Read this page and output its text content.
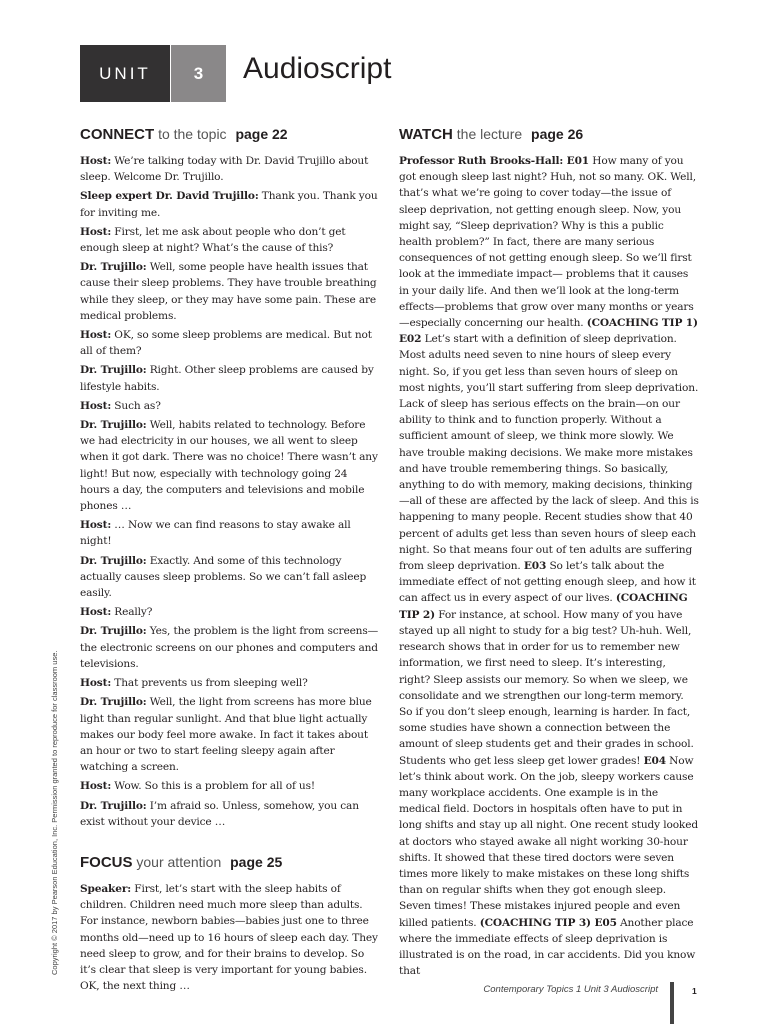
UNIT	3	Audioscript
CONNECT to the topic page 22

Host: We’re talking today with Dr. David Trujillo about sleep. Welcome Dr. Trujillo.

Sleep expert Dr. David Trujillo: Thank you. Thank you for inviting me.

Host: First, let me ask about people who don’t get enough sleep at night? What’s the cause of this?

Dr. Trujillo: Well, some people have health issues that cause their sleep problems. They have trouble breathing while they sleep, or they may have some pain. These are medical problems.

Host: OK, so some sleep problems are medical. But not all of them?

Dr. Trujillo: Right. Other sleep problems are caused by lifestyle habits.

Host: Such as?

Dr. Trujillo: Well, habits related to technology. Before we had electricity in our houses, we all went to sleep when it got dark. There was no choice! There wasn’t any light! But now, especially with technology going 24 hours a day, the computers and televisions and mobile phones …

Host: … Now we can find reasons to stay awake all night!

Dr. Trujillo: Exactly. And some of this technology actually causes sleep problems. So we can’t fall asleep easily.

Host: Really?

Dr. Trujillo: Yes, the problem is the light from screens—the electronic screens on our phones and computers and televisions.

Host: That prevents us from sleeping well?

Dr. Trujillo: Well, the light from screens has more blue light than regular sunlight. And that blue light actually makes our body feel more awake. In fact it takes about an hour or two to start feeling sleepy again after watching a screen.

Host: Wow. So this is a problem for all of us!

Dr. Trujillo: I’m afraid so. Unless, somehow, you can exist without your device …

FOCUS your attention page 25

Speaker: First, let’s start with the sleep habits of children. Children need much more sleep than adults. For instance, newborn babies—babies just one to three months old—need up to 16 hours of sleep each day. They need sleep to grow, and for their brains to develop. So it’s clear that sleep is very important for young babies. OK, the next thing …

WATCH the lecture page 26

Professor Ruth Brooks-Hall: E01 How many of you got enough sleep last night? Huh, not so many. OK. Well, that’s what we’re going to cover today—the issue of sleep deprivation, not getting enough sleep. Now, you might say, “Sleep deprivation? Why is this a public health problem?” In fact, there are many serious consequences of not getting enough sleep. So we’ll first look at the immediate impact— problems that it causes in your daily life. And then we’ll look at the long-term effects—problems that grow over many months or years—especially concerning our health. (COACHING TIP 1) E02 Let’s start with a definition of sleep deprivation. Most adults need seven to nine hours of sleep every night. So, if you get less than seven hours of sleep on most nights, you’ll start suffering from sleep deprivation. Lack of sleep has serious effects on the brain—on our ability to think and to function properly. Without a sufficient amount of sleep, we think more slowly. We have trouble making decisions. We make more mistakes and have trouble remembering things. So basically, anything to do with memory, making decisions, thinking—all of these are affected by the lack of sleep. And this is happening to many people. Recent studies show that 40 percent of adults get less than seven hours of sleep each night. So that means four out of ten adults are suffering from sleep deprivation. E03 So let’s talk about the immediate effect of not getting enough sleep, and how it can affect us in every aspect of our lives. (COACHING TIP 2) For instance, at school. How many of you have stayed up all night to study for a big test? Uh-huh. Well, research shows that in order for us to remember new information, we first need to sleep. It’s interesting, right? Sleep assists our memory. So when we sleep, we consolidate and we strengthen our long-term memory. So if you don’t sleep enough, learning is harder. In fact, some studies have shown a connection between the amount of sleep students get and their grades in school. Students who get less sleep get lower grades! E04 Now let’s think about work. On the job, sleepy workers cause many workplace accidents. One example is in the medical field. Doctors in hospitals often have to put in long shifts and stay up all night. One recent study looked at doctors who stayed awake all night working 30-hour shifts. It showed that these tired doctors were seven times more likely to make mistakes on these long shifts than on regular shifts when they got enough sleep. Seven times! These mistakes injured people and even killed patients. (COACHING TIP 3) E05 Another place where the immediate effects of sleep deprivation is illustrated is on the road, in car accidents. Did you know that

Copyright © 2017 by Pearson Education, Inc. Permission granted to reproduce for classroom use.
Contemporary Topics 1 Unit 3 Audioscript	1
